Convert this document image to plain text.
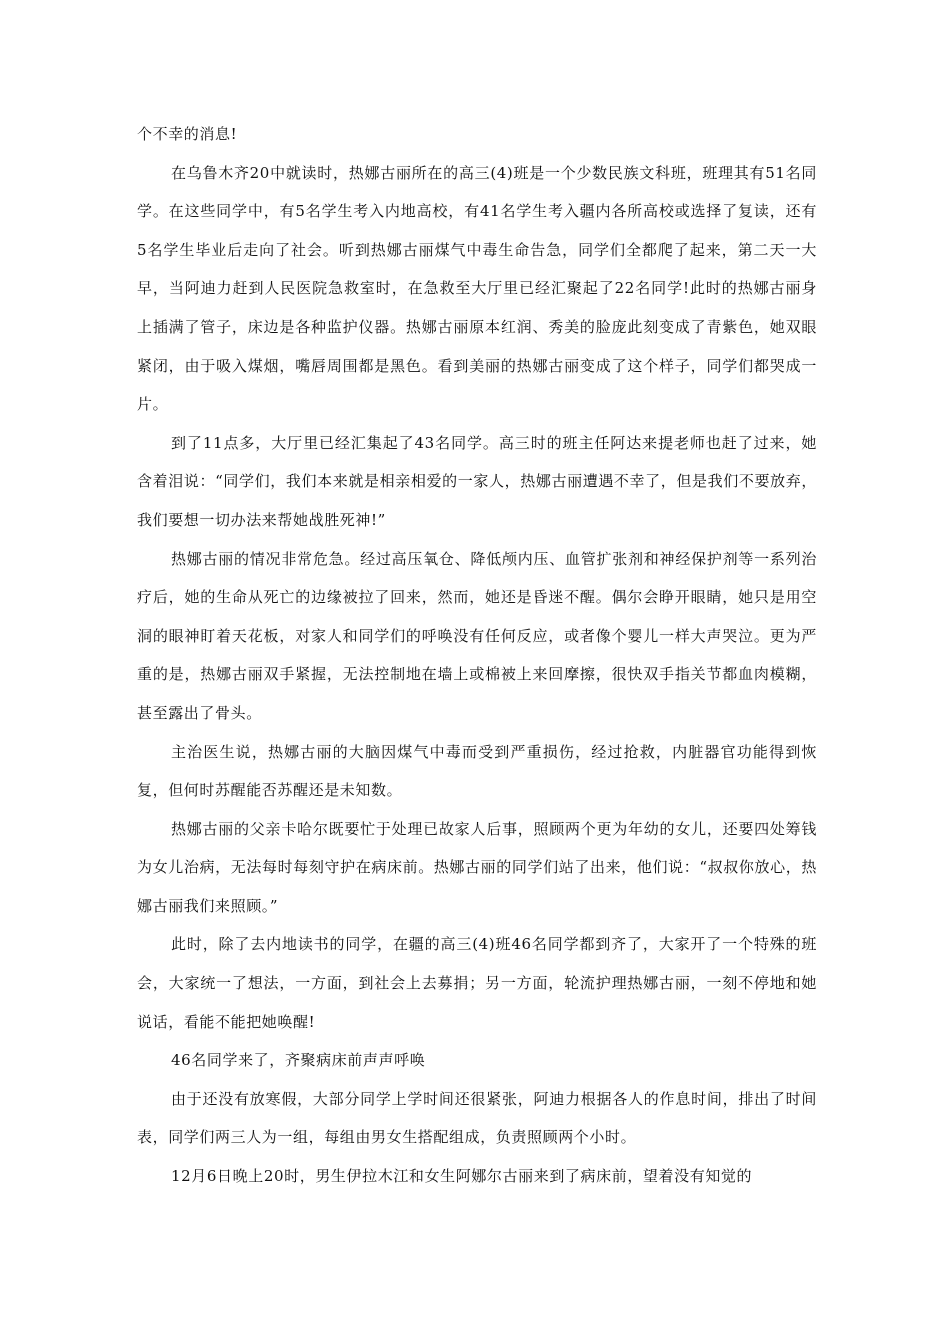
个不幸的消息!

在乌鲁木齐20中就读时，热娜古丽所在的高三(4)班是一个少数民族文科班，班理其有51名同学。在这些同学中，有5名学生考入内地高校，有41名学生考入疆内各所高校或选择了复读，还有5名学生毕业后走向了社会。听到热娜古丽煤气中毒生命告急，同学们全都爬了起来，第二天一大早，当阿迪力赶到人民医院急救室时，在急救至大厅里已经汇聚起了22名同学!此时的热娜古丽身上插满了管子，床边是各种监护仪器。热娜古丽原本红润、秀美的脸庞此刻变成了青紫色，她双眼紧闭，由于吸入煤烟，嘴唇周围都是黑色。看到美丽的热娜古丽变成了这个样子，同学们都哭成一片。

到了11点多，大厅里已经汇集起了43名同学。高三时的班主任阿达来提老师也赶了过来，她含着泪说：“同学们，我们本来就是相亲相爱的一家人，热娜古丽遭遇不幸了，但是我们不要放弃，我们要想一切办法来帮她战胜死神!”

热娜古丽的情况非常危急。经过高压氧仓、降低颅内压、血管扩张剂和神经保护剂等一系列治疗后，她的生命从死亡的边缘被拉了回来，然而，她还是昏迷不醒。偶尔会睁开眼睛，她只是用空洞的眼神盯着天花板，对家人和同学们的呼唤没有任何反应，或者像个婴儿一样大声哭泣。更为严重的是，热娜古丽双手紧握，无法控制地在墙上或棉被上来回摩擦，很快双手指关节都血肉模糊，甚至露出了骨头。

主治医生说，热娜古丽的大脑因煤气中毒而受到严重损伤，经过抢救，内脏器官功能得到恢复，但何时苏醒能否苏醒还是未知数。

热娜古丽的父亲卡哈尔既要忙于处理已故家人后事，照顾两个更为年幼的女儿，还要四处筹钱为女儿治病，无法每时每刻守护在病床前。热娜古丽的同学们站了出来，他们说：“叔叔你放心，热娜古丽我们来照顾。”

此时，除了去内地读书的同学，在疆的高三(4)班46名同学都到齐了，大家开了一个特殊的班会，大家统一了想法，一方面，到社会上去募捐；另一方面，轮流护理热娜古丽，一刻不停地和她说话，看能不能把她唤醒!

46名同学来了，齐聚病床前声声呼唤

由于还没有放寒假，大部分同学上学时间还很紧张，阿迪力根据各人的作息时间，排出了时间表，同学们两三人为一组，每组由男女生搭配组成，负责照顾两个小时。

12月6日晚上20时，男生伊拉木江和女生阿娜尔古丽来到了病床前，望着没有知觉的
